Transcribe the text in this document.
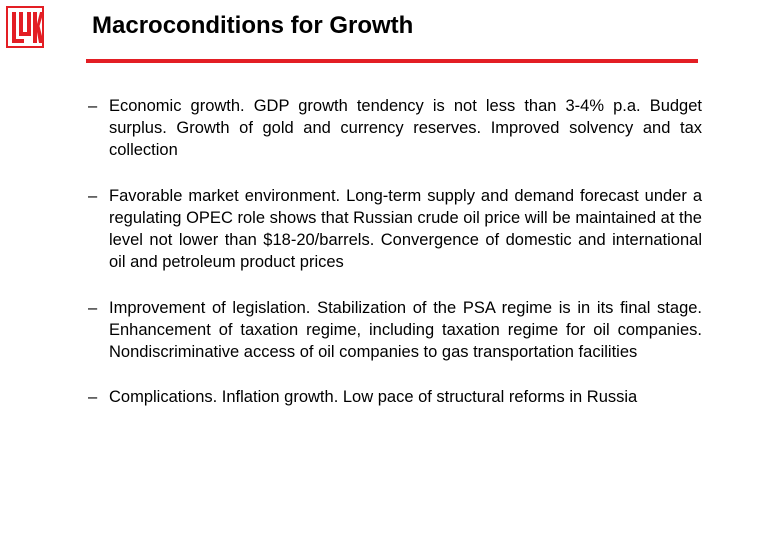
Macroconditions for Growth
– Economic growth. GDP growth tendency is not less than 3-4% p.a. Budget surplus. Growth of gold and currency reserves. Improved solvency and tax collection
– Favorable market environment. Long-term supply and demand forecast under a regulating OPEC role shows that Russian crude oil price will be maintained at the level not lower than $18-20/barrels. Convergence of domestic and international oil and petroleum product prices
– Improvement of legislation. Stabilization of the PSA regime is in its final stage. Enhancement of taxation regime, including taxation regime for oil companies. Nondiscriminative access of oil companies to gas transportation facilities
– Complications. Inflation growth. Low pace of structural reforms in Russia
